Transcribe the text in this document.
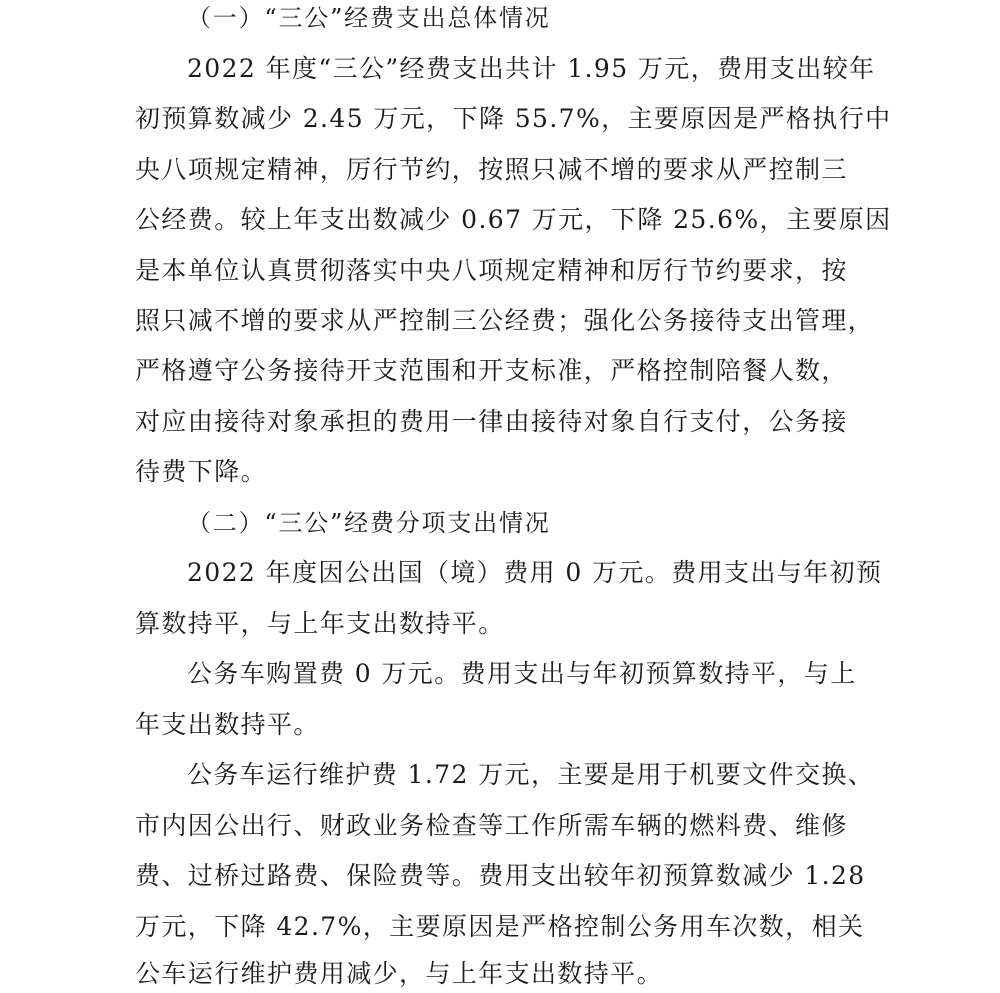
（一）“三公”经费支出总体情况
2022 年度“三公”经费支出共计 1.95 万元，费用支出较年
初预算数减少 2.45 万元，下降 55.7%，主要原因是严格执行中
央八项规定精神，厉行节约，按照只减不增的要求从严控制三
公经费。较上年支出数减少 0.67 万元，下降 25.6%，主要原因
是本单位认真贯彻落实中央八项规定精神和厉行节约要求，按
照只减不增的要求从严控制三公经费；强化公务接待支出管理，
严格遵守公务接待开支范围和开支标准，严格控制陪餐人数，
对应由接待对象承担的费用一律由接待对象自行支付，公务接
待费下降。
（二）“三公”经费分项支出情况
2022 年度因公出国（境）费用 0 万元。费用支出与年初预
算数持平，与上年支出数持平。
公务车购置费 0 万元。费用支出与年初预算数持平，与上
年支出数持平。
公务车运行维护费 1.72 万元，主要是用于机要文件交换、
市内因公出行、财政业务检查等工作所需车辆的燃料费、维修
费、过桥过路费、保险费等。费用支出较年初预算数减少 1.28
万元，下降 42.7%，主要原因是严格控制公务用车次数，相关
公车运行维护费用减少，与上年支出数持平。
